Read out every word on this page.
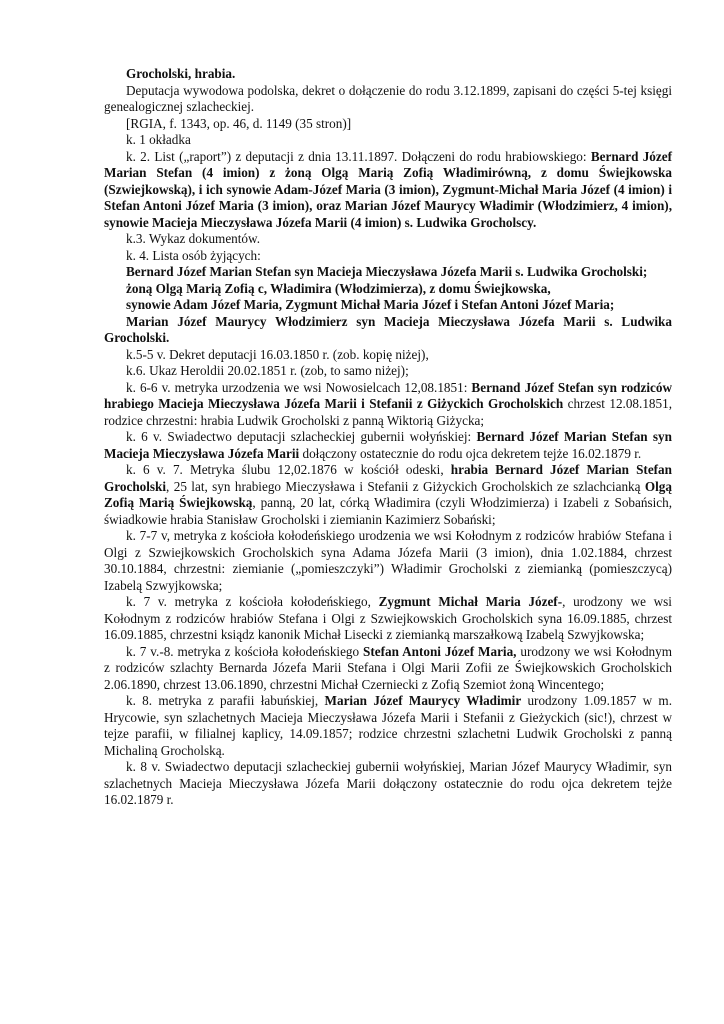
Grocholski, hrabia.

Deputacja wywodowa podolska, dekret o dołączenie do rodu 3.12.1899, zapisani do części 5-tej księgi genealogicznej szlacheckiej.

[RGIA, f. 1343, op. 46, d. 1149 (35 stron)]

k. 1 okładka

k. 2. List („raport”) z deputacji z dnia 13.11.1897. Dołączeni do rodu hrabiowskiego: Bernard Józef Marian Stefan (4 imion) z żoną Olgą Marią Zofią Władimirówną, z domu Świejkowska (Szwiejkowską), i ich synowie Adam-Józef Maria (3 imion), Zygmunt-Michał Maria Józef (4 imion) i Stefan Antoni Józef Maria (3 imion), oraz Marian Józef Maurycy Władimir (Włodzimierz, 4 imion), synowie Macieja Mieczysława Józefa Marii (4 imion) s. Ludwika Grocholscy.

k.3. Wykaz dokumentów.

k. 4. Lista osób żyjących:

Bernard Józef Marian Stefan syn Macieja Mieczysława Józefa Marii s. Ludwika Grocholski;

żoną Olgą Marią Zofią c, Władimira (Włodzimierza), z domu Świejkowska,

synowie Adam Józef Maria, Zygmunt Michał Maria Józef i Stefan Antoni Józef Maria;

Marian Józef Maurycy Włodzimierz syn Macieja Mieczysława Józefa Marii s. Ludwika Grocholski.

k.5-5 v. Dekret deputacji 16.03.1850 r. (zob. kopię niżej),

k.6. Ukaz Heroldii 20.02.1851 r. (zob, to samo niżej);

k. 6-6 v. metryka urzodzenia we wsi Nowosielcach 12,08.1851: Bernand Józef Stefan syn rodziców hrabiego Macieja Mieczysława Józefa Marii i Stefanii z Giżyckich Grocholskich chrzest 12.08.1851, rodzice chrzestni: hrabia Ludwik Grocholski z panną Wiktorią Giżycka;

k. 6 v. Swiadectwo deputacji szlacheckiej gubernii wołyńskiej: Bernard Józef Marian Stefan syn Macieja Mieczysława Józefa Marii dołączony ostatecznie do rodu ojca dekretem tejże 16.02.1879 r.

k. 6 v. 7. Metryka ślubu 12,02.1876 w kościół odeski, hrabia Bernard Józef Marian Stefan Grocholski, 25 lat, syn hrabiego Mieczysława i Stefanii z Giżyckich Grocholskich ze szlachcianką Olgą Zofią Marią Świejkowską, panną, 20 lat, córką Władimira (czyli Włodzimierza) i Izabeli z Sobańsich, świadkowie hrabia Stanisław Grocholski i ziemianin Kazimierz Sobański;

k. 7-7 v, metryka z kościoła kołodeńskiego urodzenia we wsi Kołodnym z rodziców hrabiów Stefana i Olgi z Szwiejkowskich Grocholskich syna Adama Józefa Marii (3 imion), dnia 1.02.1884, chrzest 30.10.1884, chrzestni: ziemianie („pomieszczyki”) Władimir Grocholski z ziemianką (pomieszczycą) Izabelą Szwyjkowska;

k. 7 v. metryka z kościoła kołodeńskiego, Zygmunt Michał Maria Józef-, urodzony we wsi Kołodnym z rodziców hrabiów Stefana i Olgi z Szwiejkowskich Grocholskich syna 16.09.1885, chrzest 16.09.1885, chrzestni ksiądz kanonik Michał Lisecki z ziemianką marszałkową Izabelą Szwyjkowska;

k. 7 v.-8. metryka z kościoła kołodeńskiego Stefan Antoni Józef Maria, urodzony we wsi Kołodnym z rodziców szlachty Bernarda Józefa Marii Stefana i Olgi Marii Zofii ze Świejkowskich Grocholskich 2.06.1890, chrzest 13.06.1890, chrzestni Michał Czerniecki z Zofią Szemiot żoną Wincentego;

k. 8. metryka z parafii łabuńskiej, Marian Józef Maurycy Władimir urodzony 1.09.1857 w m. Hrycowie, syn szlachetnych Macieja Mieczysława Józefa Marii i Stefanii z Gieżyckich (sic!), chrzest w tejze parafii, w filialnej kaplicy, 14.09.1857; rodzice chrzestni szlachetni Ludwik Grocholski z panną Michaliną Grocholską.

k. 8 v. Swiadectwo deputacji szlacheckiej gubernii wołyńskiej, Marian Józef Maurycy Władimir, syn szlachetnych Macieja Mieczysława Józefa Marii dołączony ostatecznie do rodu ojca dekretem tejże 16.02.1879 r.
